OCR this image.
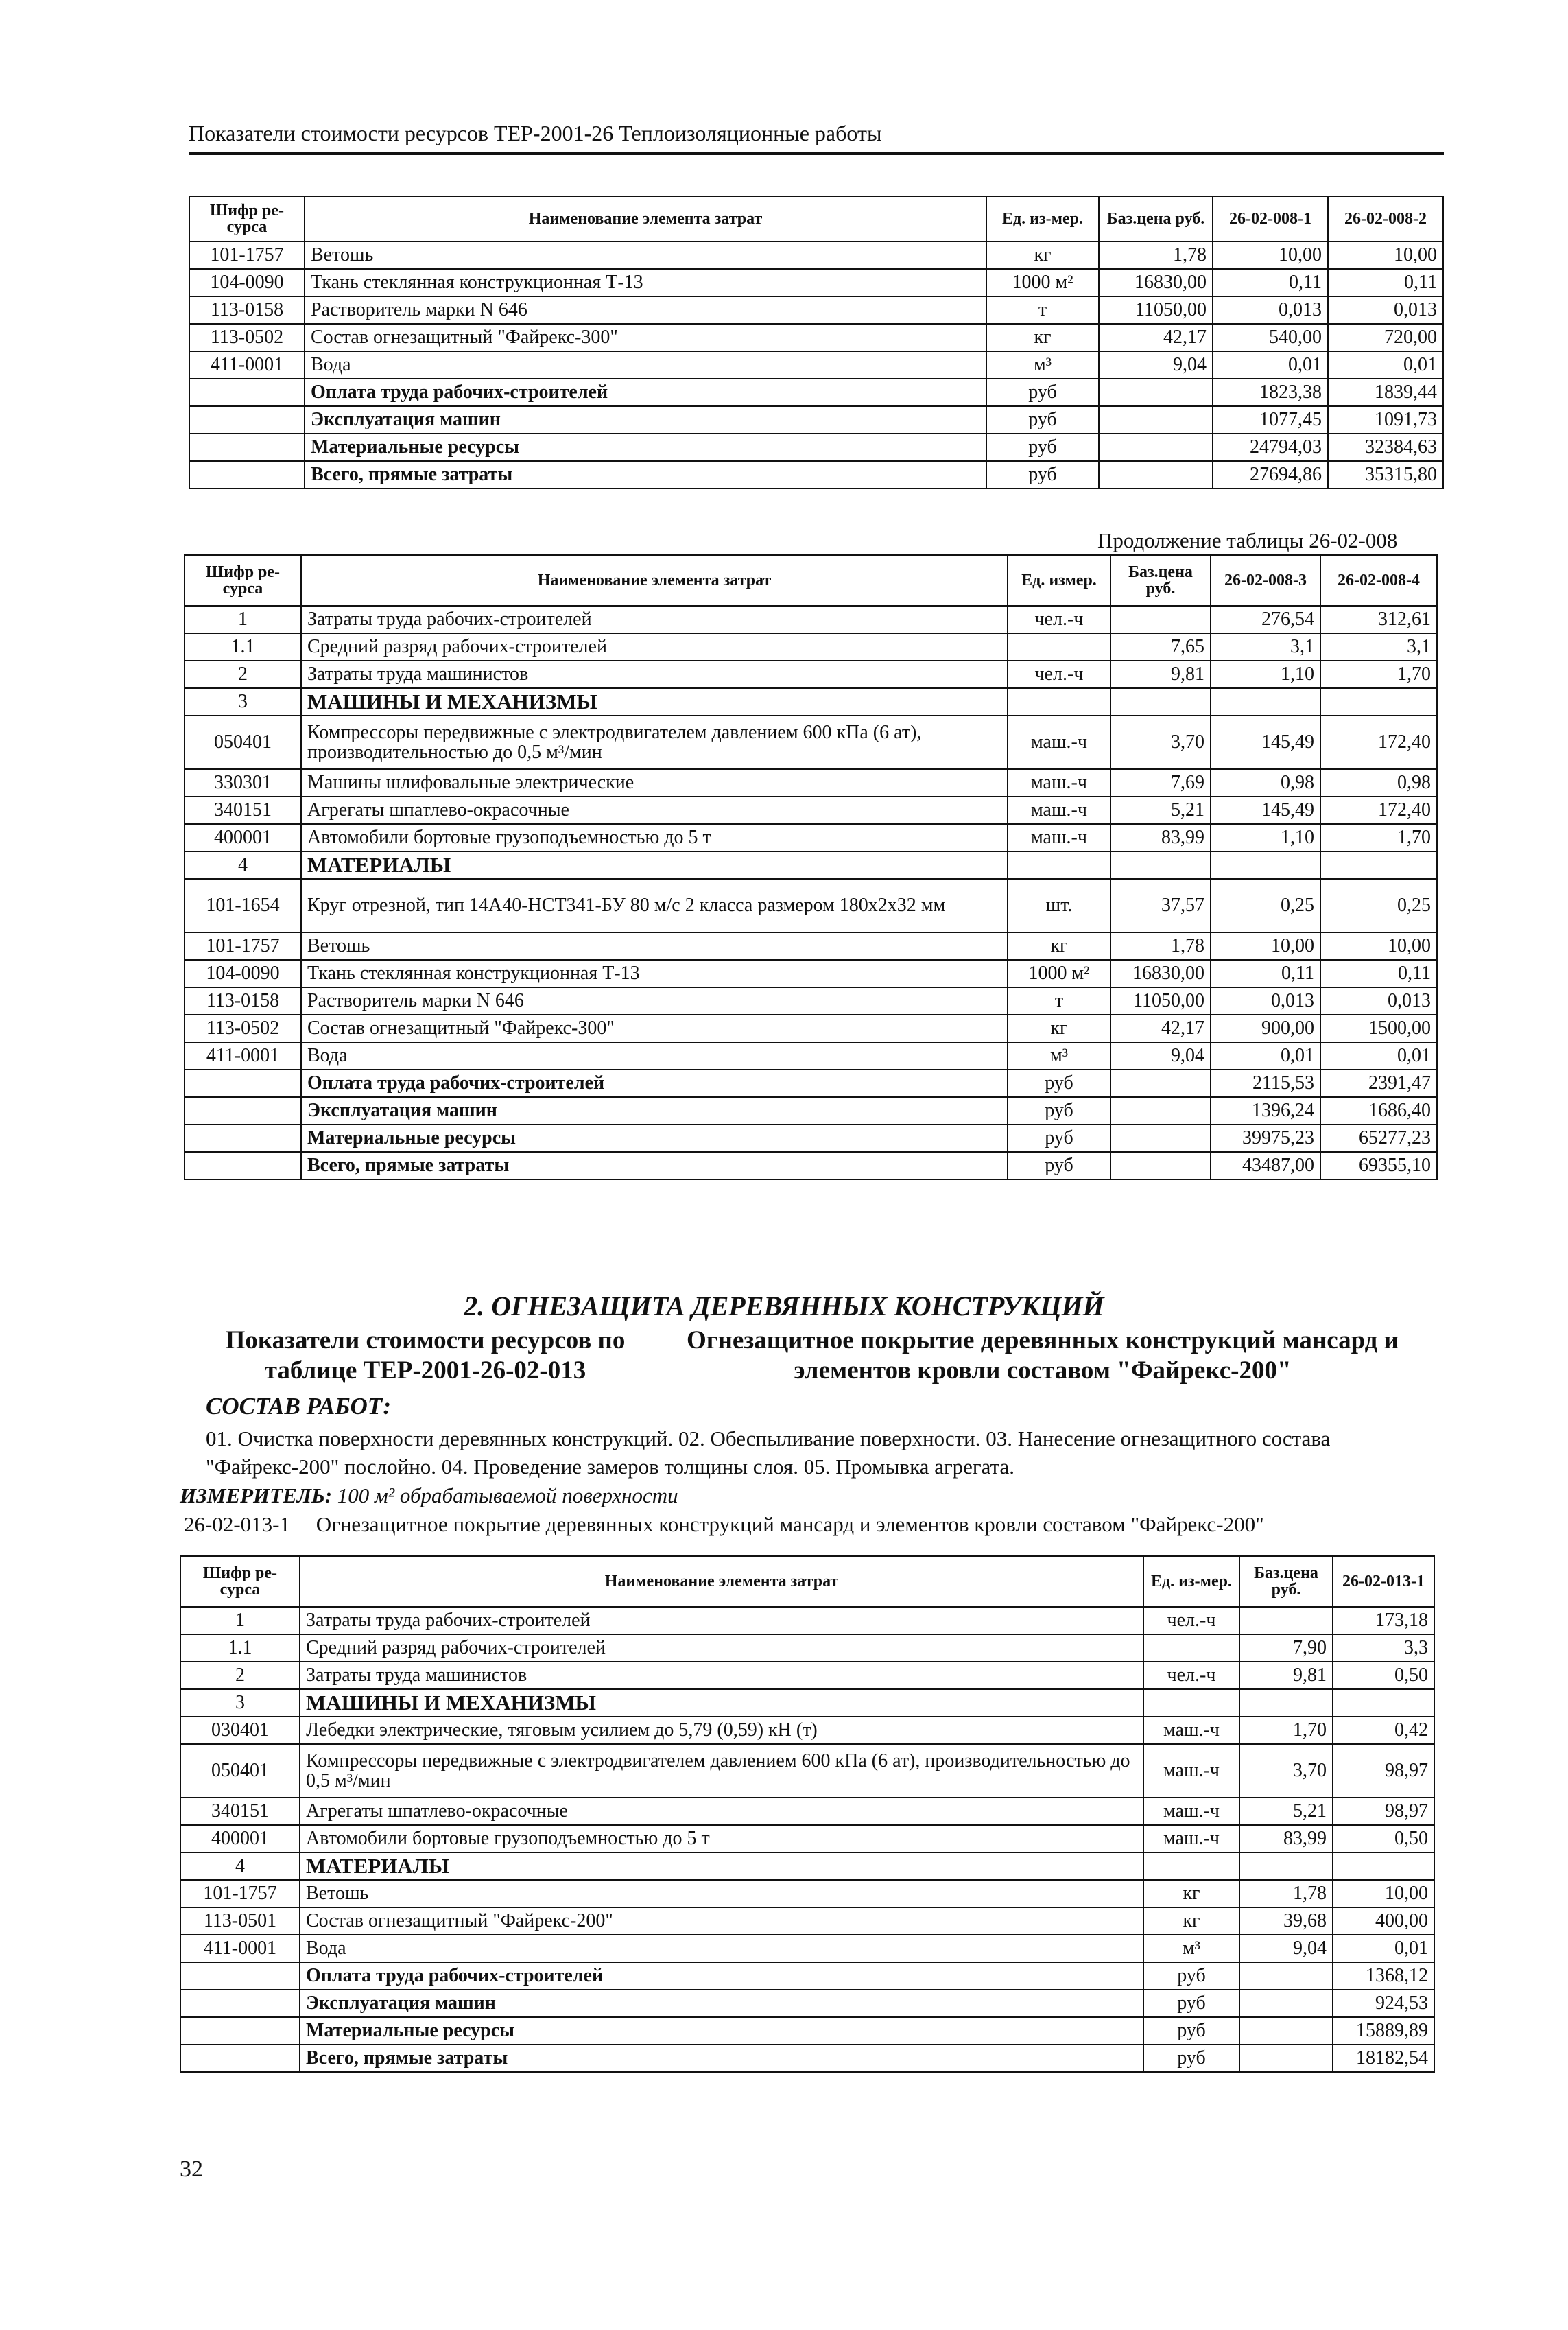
Показатели стоимости ресурсов ТЕР-2001-26 Теплоизоляционные работы
Шифр ре-сурса	Наименование элемента затрат	Ед. из-мер.	Баз.цена руб.	26-02-008-1	26-02-008-2
101-1757	Ветошь	кг	1,78	10,00	10,00
104-0090	Ткань стеклянная конструкционная Т-13	1000 м²	16830,00	0,11	0,11
113-0158	Растворитель марки N 646	т	11050,00	0,013	0,013
113-0502	Состав огнезащитный "Файрекс-300"	кг	42,17	540,00	720,00
411-0001	Вода	м³	9,04	0,01	0,01
	Оплата труда рабочих-строителей	руб		1823,38	1839,44
	Эксплуатация машин	руб		1077,45	1091,73
	Материальные ресурсы	руб		24794,03	32384,63
	Всего, прямые затраты	руб		27694,86	35315,80
Продолжение таблицы 26-02-008
Шифр ре-сурса	Наименование элемента затрат	Ед. измер.	Баз.цена руб.	26-02-008-3	26-02-008-4
1	Затраты труда рабочих-строителей	чел.-ч		276,54	312,61
1.1	Средний разряд рабочих-строителей		7,65	3,1	3,1
2	Затраты труда машинистов	чел.-ч	9,81	1,10	1,70
3	МАШИНЫ И МЕХАНИЗМЫ				
050401	Компрессоры передвижные с электродвигателем давлением 600 кПа (6 ат), производительностью до 0,5 м³/мин	маш.-ч	3,70	145,49	172,40
330301	Машины шлифовальные электрические	маш.-ч	7,69	0,98	0,98
340151	Агрегаты шпатлево-окрасочные	маш.-ч	5,21	145,49	172,40
400001	Автомобили бортовые грузоподъемностью до 5 т	маш.-ч	83,99	1,10	1,70
4	МАТЕРИАЛЫ				
101-1654	Круг отрезной, тип 14А40-НСТ341-БУ 80 м/с 2 класса размером 180х2х32 мм	шт.	37,57	0,25	0,25
101-1757	Ветошь	кг	1,78	10,00	10,00
104-0090	Ткань стеклянная конструкционная Т-13	1000 м²	16830,00	0,11	0,11
113-0158	Растворитель марки N 646	т	11050,00	0,013	0,013
113-0502	Состав огнезащитный "Файрекс-300"	кг	42,17	900,00	1500,00
411-0001	Вода	м³	9,04	0,01	0,01
	Оплата труда рабочих-строителей	руб		2115,53	2391,47
	Эксплуатация машин	руб		1396,24	1686,40
	Материальные ресурсы	руб		39975,23	65277,23
	Всего, прямые затраты	руб		43487,00	69355,10
2. ОГНЕЗАЩИТА ДЕРЕВЯННЫХ КОНСТРУКЦИЙ
Показатели стоимости ресурсов по таблице ТЕР-2001-26-02-013
Огнезащитное покрытие деревянных конструкций мансард и элементов кровли составом "Файрекс-200"
СОСТАВ РАБОТ:
01. Очистка поверхности деревянных конструкций. 02. Обеспыливание поверхности. 03. Нанесение огнезащитного состава "Файрекс-200" послойно. 04. Проведение замеров толщины слоя. 05. Промывка агрегата.
ИЗМЕРИТЕЛЬ: 100 м² обрабатываемой поверхности
26-02-013-1 Огнезащитное покрытие деревянных конструкций мансард и элементов кровли составом "Файрекс-200"
Шифр ре-сурса	Наименование элемента затрат	Ед. из-мер.	Баз.цена руб.	26-02-013-1
1	Затраты труда рабочих-строителей	чел.-ч		173,18
1.1	Средний разряд рабочих-строителей		7,90	3,3
2	Затраты труда машинистов	чел.-ч	9,81	0,50
3	МАШИНЫ И МЕХАНИЗМЫ			
030401	Лебедки электрические, тяговым усилием до 5,79 (0,59) кН (т)	маш.-ч	1,70	0,42
050401	Компрессоры передвижные с электродвигателем давлением 600 кПа (6 ат), производительностью до 0,5 м³/мин	маш.-ч	3,70	98,97
340151	Агрегаты шпатлево-окрасочные	маш.-ч	5,21	98,97
400001	Автомобили бортовые грузоподъемностью до 5 т	маш.-ч	83,99	0,50
4	МАТЕРИАЛЫ			
101-1757	Ветошь	кг	1,78	10,00
113-0501	Состав огнезащитный "Файрекс-200"	кг	39,68	400,00
411-0001	Вода	м³	9,04	0,01
	Оплата труда рабочих-строителей	руб		1368,12
	Эксплуатация машин	руб		924,53
	Материальные ресурсы	руб		15889,89
	Всего, прямые затраты	руб		18182,54
32
